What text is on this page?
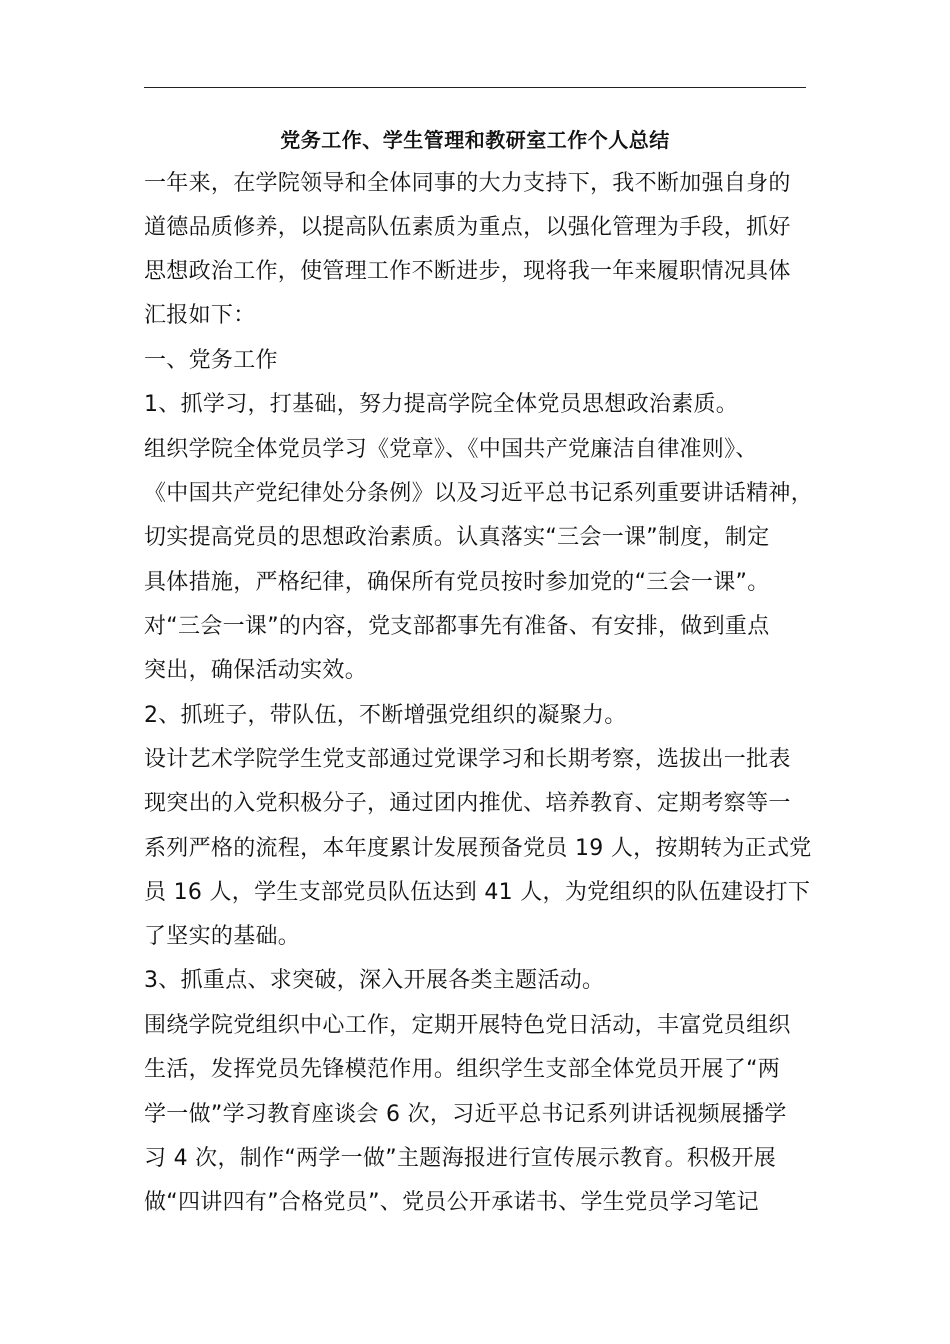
党务工作、学生管理和教研室工作个人总结
一年来，在学院领导和全体同事的大力支持下，我不断加强自身的
道德品质修养，以提高队伍素质为重点，以强化管理为手段，抓好
思想政治工作，使管理工作不断进步，现将我一年来履职情况具体
汇报如下：
一、党务工作
1、抓学习，打基础，努力提高学院全体党员思想政治素质。
组织学院全体党员学习《党章》、《中国共产党廉洁自律准则》、
《中国共产党纪律处分条例》以及习近平总书记系列重要讲话精神，
切实提高党员的思想政治素质。认真落实“三会一课”制度，制定
具体措施，严格纪律，确保所有党员按时参加党的“三会一课”。
对“三会一课”的内容，党支部都事先有准备、有安排，做到重点
突出，确保活动实效。
2、抓班子，带队伍，不断增强党组织的凝聚力。
设计艺术学院学生党支部通过党课学习和长期考察，选拔出一批表
现突出的入党积极分子，通过团内推优、培养教育、定期考察等一
系列严格的流程，本年度累计发展预备党员 19 人，按期转为正式党
员 16 人，学生支部党员队伍达到 41 人，为党组织的队伍建设打下
了坚实的基础。
3、抓重点、求突破，深入开展各类主题活动。
围绕学院党组织中心工作，定期开展特色党日活动，丰富党员组织
生活，发挥党员先锋模范作用。组织学生支部全体党员开展了“两
学一做”学习教育座谈会 6 次，习近平总书记系列讲话视频展播学
习 4 次，制作“两学一做”主题海报进行宣传展示教育。积极开展
做“四讲四有”合格党员”、党员公开承诺书、学生党员学习笔记
